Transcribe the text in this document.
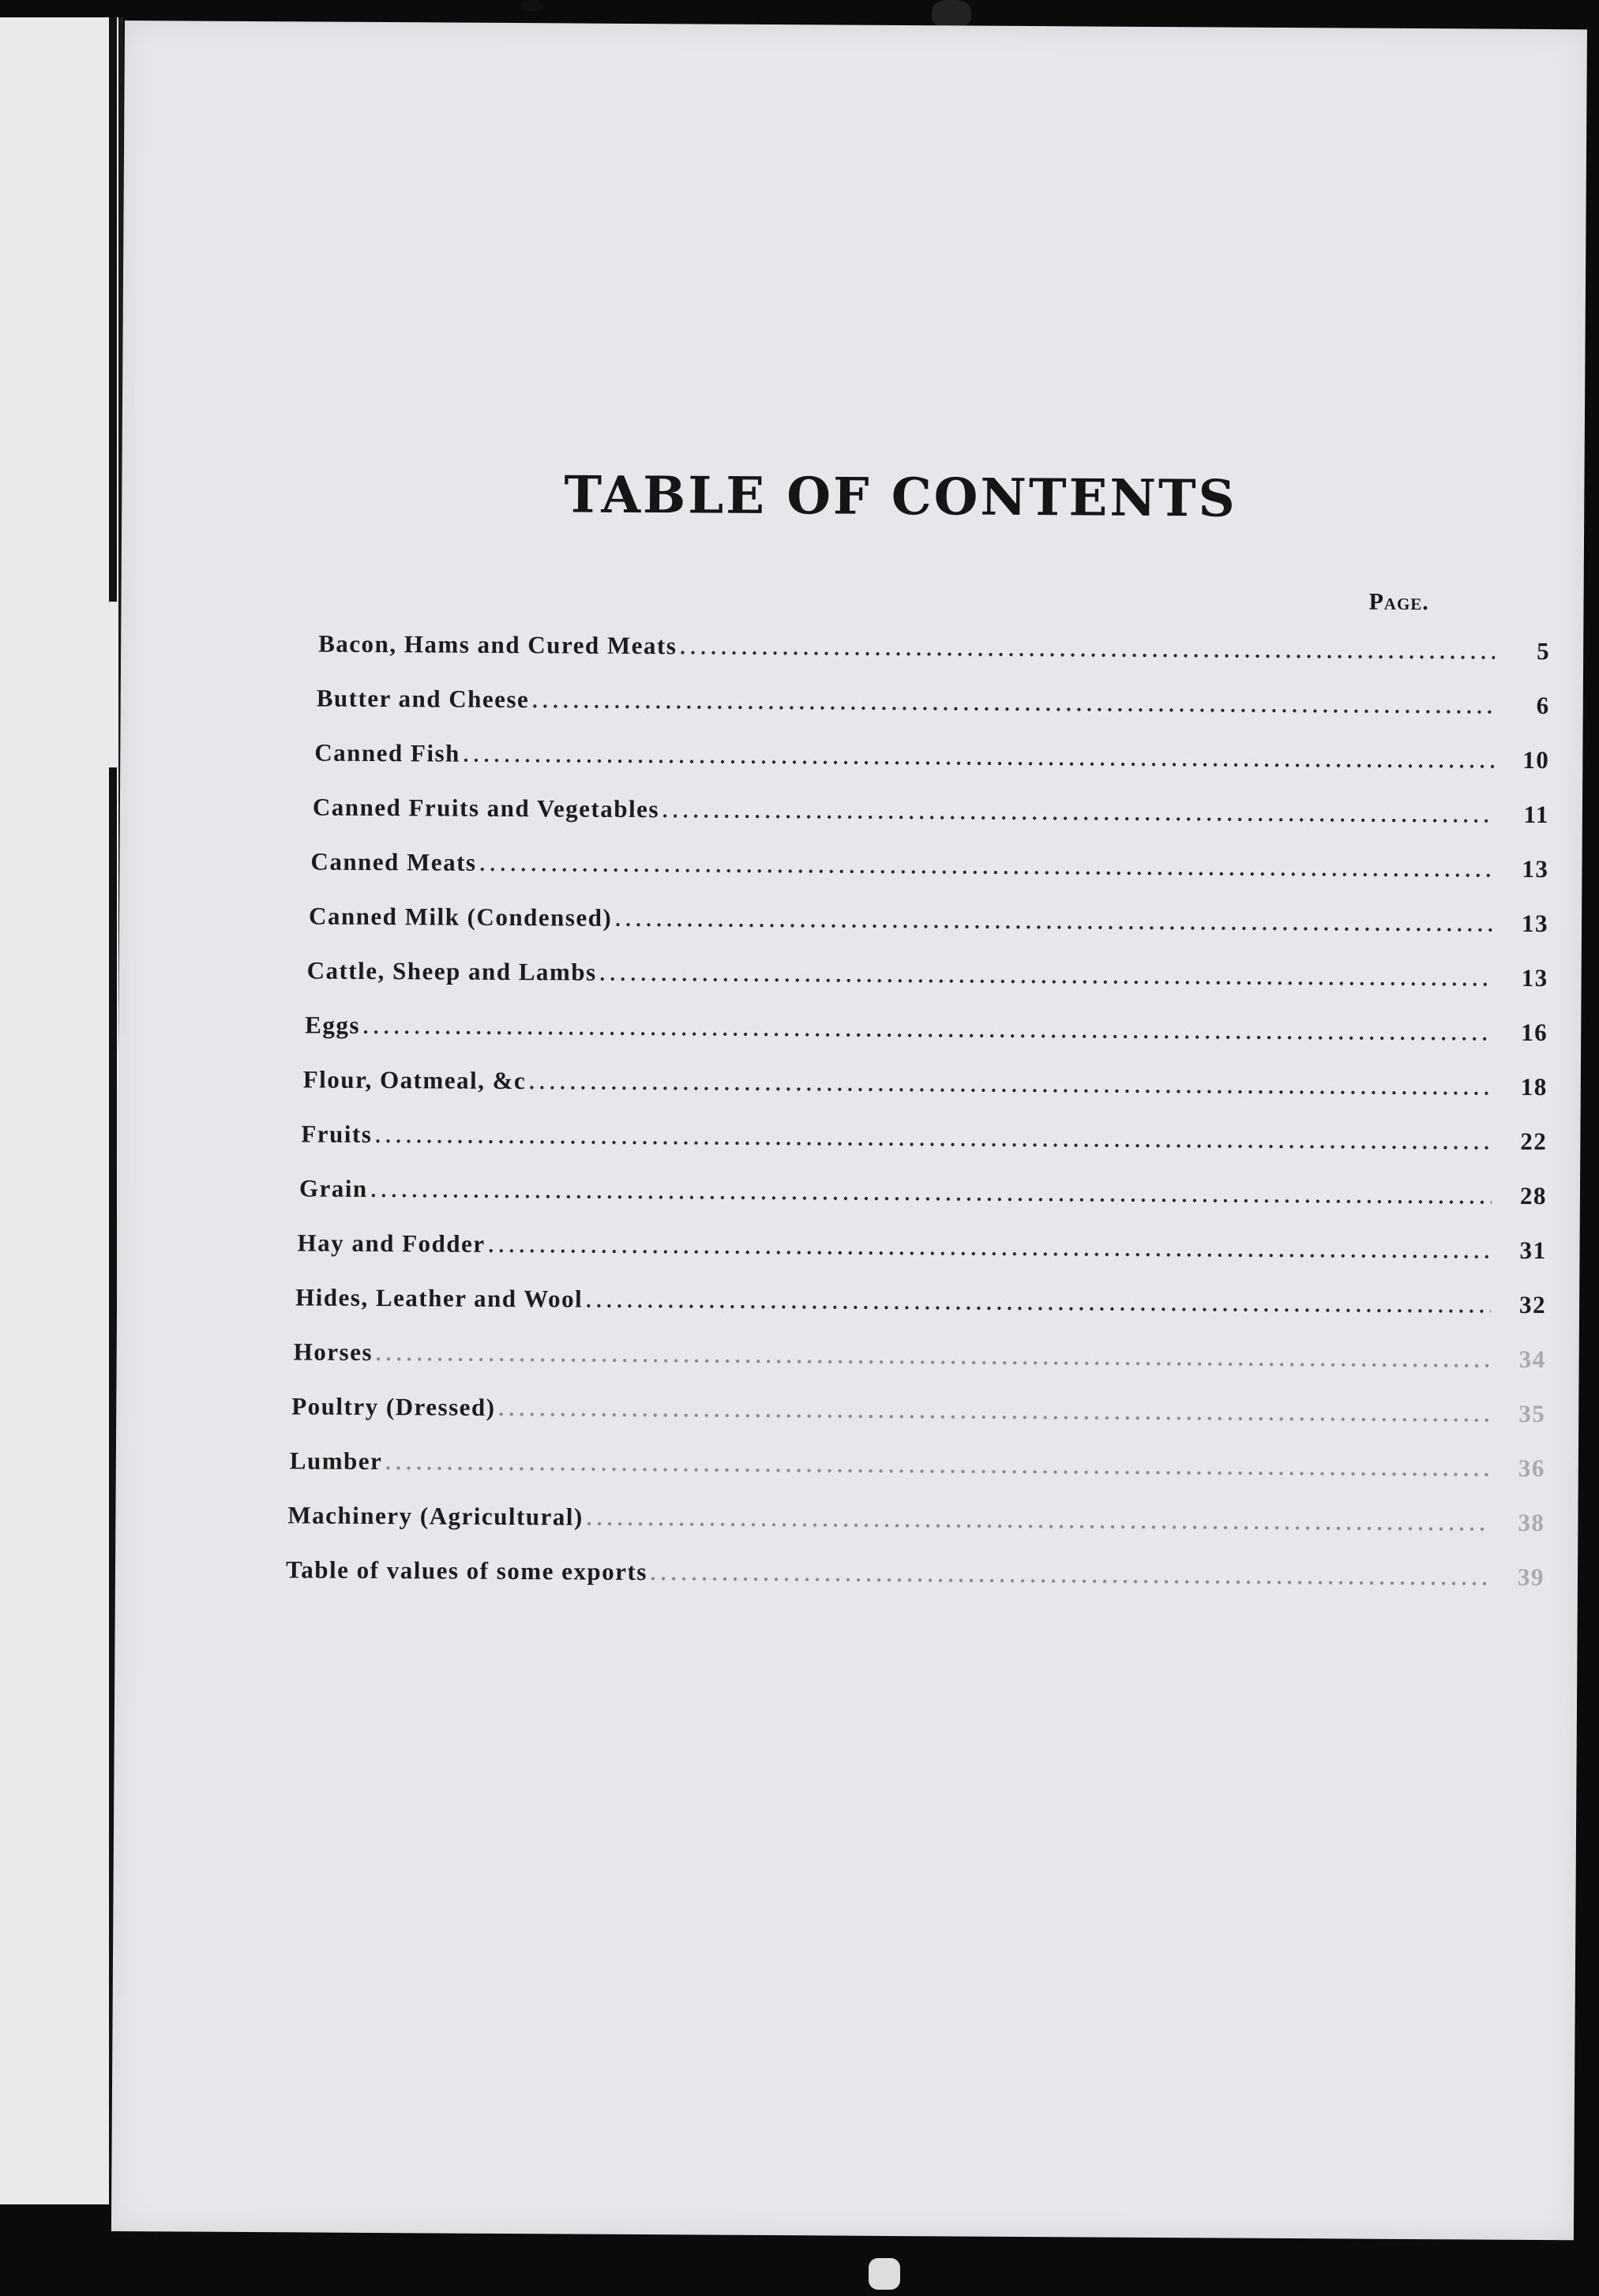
TABLE OF CONTENTS
Page.
Bacon, Hams and Cured Meats . . .	5
Butter and Cheese . . .	6
Canned Fish . . .	10
Canned Fruits and Vegetables . . .	11
Canned Meats . . .	13
Canned Milk (Condensed) . . .	13
Cattle, Sheep and Lambs . . .	13
Eggs . . .	16
Flour, Oatmeal, &c . . .	18
Fruits . . .	22
Grain . . .	28
Hay and Fodder . . .	31
Hides, Leather and Wool . . .	32
Horses . . .	34
Poultry (Dressed) . . .	35
Lumber . . .	36
Machinery (Agricultural) . . .	38
Table of values of some exports . . .	39
